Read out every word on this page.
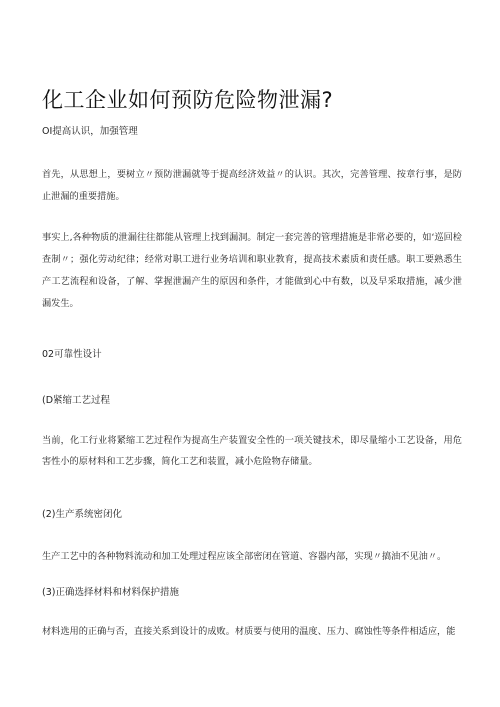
化工企业如何预防危险物泄漏?
OI提高认识，加强管理
首先，从思想上，要树立〃预防泄漏就等于提高经济效益〃的认识。其次，完善管理、按章行事，是防止泄漏的重要措施。
事实上,各种物质的泄漏往往都能从管理上找到漏洞。制定一套完善的管理措施是非常必要的，如‘巡回检查制〃；强化劳动纪律；经常对职工进行业务培训和职业教育，提高技术素质和责任感。职工要熟悉生产工艺流程和设备，了解、掌握泄漏产生的原因和条件，才能做到心中有数，以及早采取措施，减少泄漏发生。
02可靠性设计
(D紧缩工艺过程
当前，化工行业将紧缩工艺过程作为提高生产装置安全性的一项关键技术，即尽量缩小工艺设备，用危害性小的原材料和工艺步骤，简化工艺和装置，减小危险物存储量。
(2)生产系统密闭化
生产工艺中的各种物料流动和加工处理过程应该全部密闭在管道、容器内部，实现〃搞油不见油〃。
(3)正确选择材料和材料保护措施
材料选用的正确与否，直接关系到设计的成败。材质要与使用的温度、压力、腐蚀性等条件相适应，能
